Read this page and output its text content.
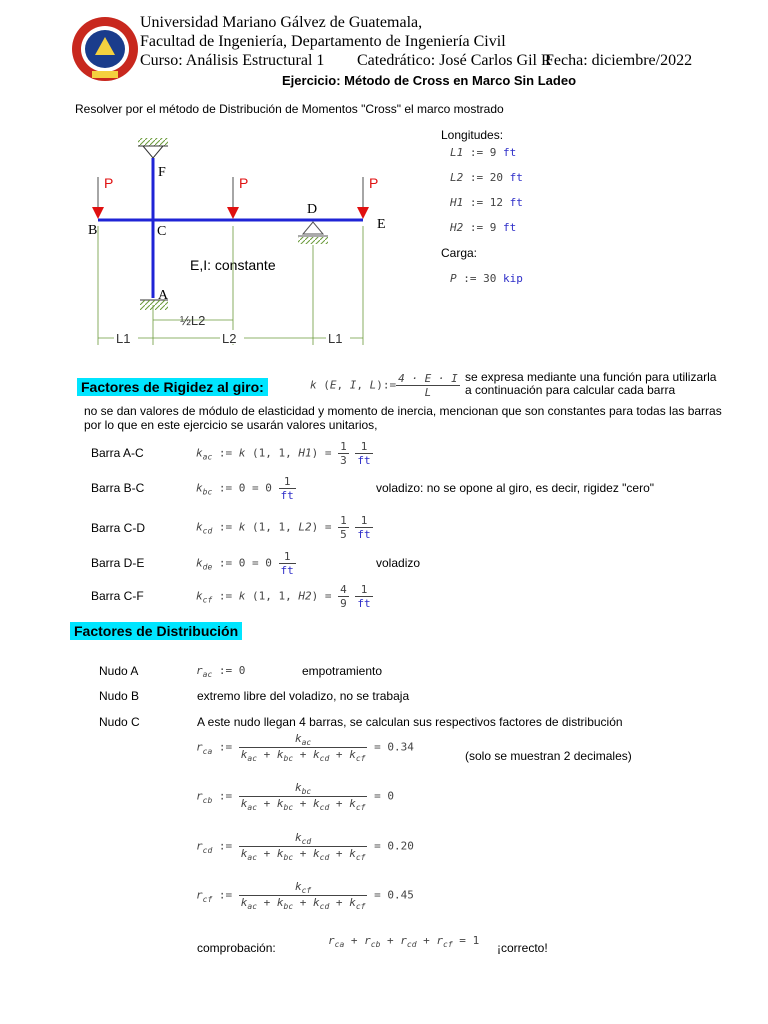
Universidad Mariano Gálvez de Guatemala,
Facultad de Ingeniería, Departamento de Ingeniería Civil
Curso: Análisis Estructural 1 Catedrático: José Carlos Gil R
Fecha: diciembre/2022
Ejercicio: Método de Cross en Marco Sin Ladeo
Resolver por el método de Distribución de Momentos "Cross" el marco mostrado
P	P	P
F
B	C
D
E
A
E,I: constante
½L2
L1	L2	L1
Longitudes:
L1 := 9 ft
L2 := 20 ft
H1 := 12 ft
H2 := 9 ft
Carga:
P := 30 kip
Factores de Rigidez al giro:	k (E, I, L):= $\frac{4 \cdot E \cdot I}{L}$ se expresa mediante una función para utilizarla
a continuación para calcular cada barra
no se dan valores de módulo de elasticidad y momento de inercia, mencionan que son constantes para todas las barras
por lo que en este ejercicio se usarán valores unitarios,
Barra A-C	$k_{ac}$ := k (1, 1, $H1) = \frac{1}{3}$
$\frac{1}{ft}$
Barra B-C	$k_{bc}$ := $0 = 0 \frac{1}{ft}$	voladizo: no se opone al giro, es decir, rigidez "cero"
Barra C-D	$k_{cd}$ := k (1, 1, $L2) = \frac{1}{5}$
$\frac{1}{ft}$
Barra D-E	$k_{de}$ := $0 = 0 \frac{1}{ft}$	voladizo
Barra C-F	$k_{cf}$ := k (1, 1, $H2) = \frac{4}{9}$
$\frac{1}{ft}$
Factores de Distribución
Nudo A	$r_{ac}$ := 0	empotramiento
Nudo B	extremo libre del voladizo, no se trabaja
Nudo C	A este nudo llegan 4 barras, se calculan sus respectivos factores de distribución
$r_{ca}$ := $\frac{k_{ac}}{k_{ac} + k_{bc} + k_{cd} + k_{cf}} = 0.34$
(solo se muestran 2 decimales)
$r_{cb}$ := $\frac{k_{bc}}{k_{ac} + k_{bc} + k_{cd} + k_{cf}} = 0$
$r_{cd}$ := $\frac{k_{cd}}{k_{ac} + k_{bc} + k_{cd} + k_{cf}} = 0.20$
$r_{cf}$ := $\frac{k_{cf}}{k_{ac} + k_{bc} + k_{cd} + k_{cf}} = 0.45$
comprobación:
$r_{ca} + r_{cb} + r_{cd} + r_{cf} = 1$
¡correcto!
